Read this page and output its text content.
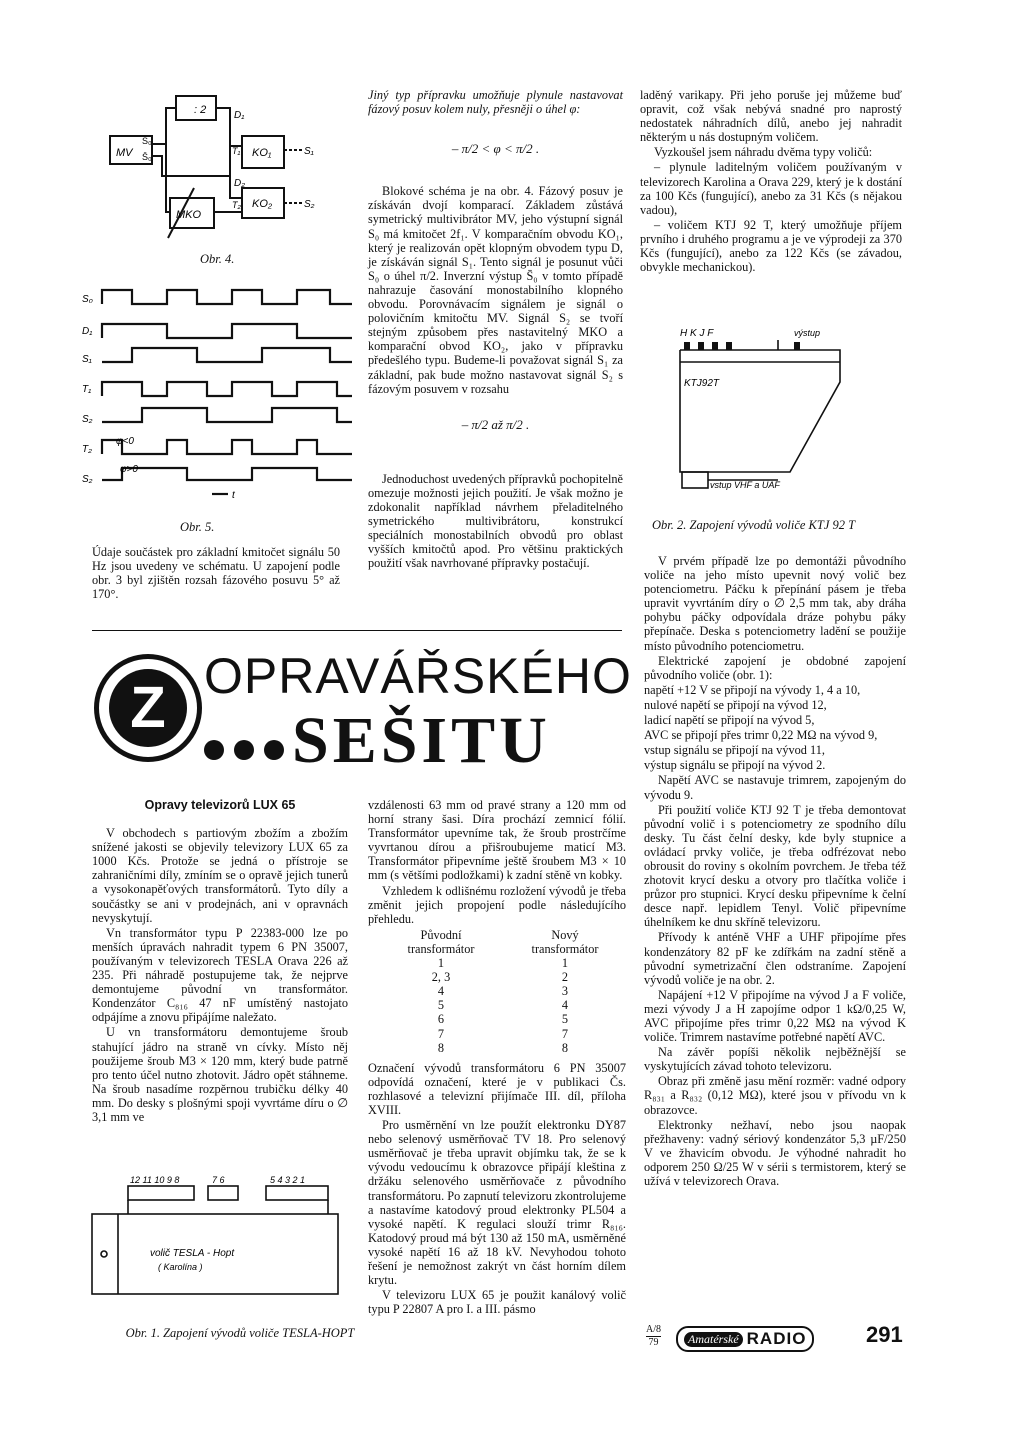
: 2
MV
S₀
S̄₀
D₁
T₁ KO₁	S₁
D₂
T₂ KO₂	S₂
MKO
Obr. 4.
S₀
D₁
S₁
T₁
S₂
T₂
S₂
φ<0
φ>0
t
Obr. 5.

Údaje součástek pro základní kmitočet signálu 50 Hz jsou uvedeny ve schématu. U zapojení podle obr. 3 byl zjištěn rozsah fázového posuvu 5° až 170°.

Jiný typ přípravku umožňuje plynule nastavovat fázový posuv kolem nuly, přesněji o úhel φ:

– π/2 < φ < π/2 .

Blokové schéma je na obr. 4. Fázový posuv je získáván dvojí komparací. Základem zůstává symetrický multivibrátor MV, jeho výstupní signál S₀ má kmitočet 2f₁. V komparačním obvodu KO₁, který je realizován opět klopným obvodem typu D, je získáván signál S₁. Tento signál je posunut vůči S₀ o úhel π/2. Inverzní výstup S̄₀ v tomto případě nahrazuje časování monostabilního klopného obvodu. Porovnávacím signálem je signál o polovičním kmitočtu MV. Signál S₂ se tvoří stejným způsobem přes nastavitelný MKO a komparační obvod KO₂, jako v přípravku předešlého typu. Budeme-li považovat signál S₁ za základní, pak bude možno nastavovat signál S₂ s fázovým posuvem v rozsahu

– π/2 až π/2 .

Jednoduchost uvedených přípravků pochopitelně omezuje možnosti jejich použití. Je však možno je zdokonalit například návrhem přeladitelného symetrického multivibrátoru, konstrukcí speciálních monostabilních obvodů pro oblast vyšších kmitočtů apod. Pro většinu praktických použití však navrhované přípravky postačují.

laděný varikapy. Při jeho poruše jej můžeme buď opravit, což však nebývá snadné pro naprostý nedostatek náhradních dílů, anebo jej nahradit některým u nás dostupným voličem.

Vyzkoušel jsem náhradu dvěma typy voličů:

– plynule laditelným voličem používaným v televizorech Karolina a Orava 229, který je k dostání za 100 Kčs (fungující), anebo za 31 Kčs (s nějakou vadou),

– voličem KTJ 92 T, který umožňuje příjem prvního i druhého programu a je ve výprodeji za 370 Kčs (fungující), anebo za 122 Kčs (se závadou, obvykle mechanickou).

H K J F	výstup
KTJ92T
vstup VHF a UAF
Obr. 2. Zapojení vývodů voliče KTJ 92 T
Z OPRAVÁŘSKÉHO

SEŠITU
Opravy televizorů LUX 65

V obchodech s partiovým zbožím a zbožím snížené jakosti se objevily televizory LUX 65 za 1000 Kčs. Protože se jedná o přístroje se zahraničními díly, zmíním se o opravě jejich tunerů a vysokonapěťových transformátorů. Tyto díly a součástky se ani v prodejnách, ani v opravnách nevyskytují.

Vn transformátor typu P 22383-000 lze po menších úpravách nahradit typem 6 PN 35007, používaným v televizorech TESLA Orava 226 až 235. Při náhradě postupujeme tak, že nejprve demontujeme původní vn transformátor. Kondenzátor C₈₁₆ 47 nF umístěný nastojato odpájíme a znovu připájíme naležato.

U vn transformátoru demontujeme šroub stahující jádro na straně vn cívky. Místo něj použijeme šroub M3 × 120 mm, který bude patrně pro tento účel nutno zhotovit. Jádro opět stáhneme. Na šroub nasadíme rozpěrnou trubičku délky 40 mm. Do desky s plošnými spoji vyvrtáme díru o ∅ 3,1 mm ve

12 11 10 9 8	7 6	5 4 3 2 1
volič TESLA - Hopt
( Karolína )
Obr. 1. Zapojení vývodů voliče TESLA-HOPT

vzdálenosti 63 mm od pravé strany a 120 mm od horní strany šasi. Díra prochází zemnicí fólií. Transformátor upevníme tak, že šroub prostrčíme vyvrtanou dírou a přišroubujeme maticí M3. Transformátor připevníme ještě šroubem M3 × 10 mm (s většími podložkami) k zadní stěně vn kobky.

Vzhledem k odlišnému rozložení vývodů je třeba změnit jejich propojení podle následujícího přehledu.

Původní transformátor	Nový transformátor
1	1
2, 3	2
4	3
5	4
6	5
7	7
8	8

Označení vývodů transformátoru 6 PN 35007 odpovídá označení, které je v publikaci Čs. rozhlasové a televizní přijímače III. díl, příloha XVIII.

Pro usměrnění vn lze použít elektronku DY87 nebo selenový usměrňovač TV 18. Pro selenový usměrňovač je třeba upravit objímku tak, že se k vývodu vedoucímu k obrazovce připájí kleština z držáku selenového usměrňovače z původního transformátoru. Po zapnutí televizoru zkontrolujeme a nastavíme katodový proud elektronky PL504 a vysoké napětí. K regulaci slouží trimr R₈₁₆. Katodový proud má být 130 až 150 mA, usměrněné vysoké napětí 16 až 18 kV. Nevyhodou tohoto řešení je nemožnost zakrýt vn část horním dílem krytu.

V televizoru LUX 65 je použit kanálový volič typu P 22807 A pro I. a III. pásmo

V prvém případě lze po demontáži původního voliče na jeho místo upevnit nový volič bez potenciometru. Páčku k přepínání pásem je třeba upravit vyvrtáním díry o ∅ 2,5 mm tak, aby dráha pohybu páčky odpovídala dráze pohybu páky přepínače. Deska s potenciometry ladění se použije místo původního potenciometru.

Elektrické zapojení je obdobné zapojení původního voliče (obr. 1):

napětí +12 V se připojí na vývody 1, 4 a 10,

nulové napětí se připojí na vývod 12,

ladicí napětí se připojí na vývod 5,

AVC se připojí přes trimr 0,22 MΩ na vývod 9,

vstup signálu se připojí na vývod 11,

výstup signálu se připojí na vývod 2.

Napětí AVC se nastavuje trimrem, zapojeným do vývodu 9.

Při použití voliče KTJ 92 T je třeba demontovat původní volič i s potenciometry ze spodního dílu desky. Tu část čelní desky, kde byly stupnice a ovládací prvky voliče, je třeba odfrézovat nebo obrousit do roviny s okolním povrchem. Je třeba též zhotovit krycí desku a otvory pro tlačítka voliče i průzor pro stupnici. Krycí desku připevníme k čelní desce např. lepidlem Tenyl. Volič připevníme úhelníkem ke dnu skříně televizoru.

Přívody k anténě VHF a UHF připojíme přes kondenzátory 82 pF ke zdířkám na zadní stěně a původní symetrizační člen odstraníme. Zapojení vývodů voliče je na obr. 2.

Napájení +12 V připojíme na vývod J a F voliče, mezi vývody J a H zapojíme odpor 1 kΩ/0,25 W, AVC připojíme přes trimr 0,22 MΩ na vývod K voliče. Trimrem nastavíme potřebné napětí AVC.

Na závěr popíši několik nejběžnější se vyskytujících závad tohoto televizoru.

Obraz při změně jasu mění rozměr: vadné odpory R₈₃₁ a R₈₃₂ (0,12 MΩ), které jsou v přívodu vn k obrazovce.

Elektronky nežhaví, nebo jsou naopak přežhaveny: vadný sériový kondenzátor 5,3 µF/250 V ve žhavicím obvodu. Je výhodné nahradit ho odporem 250 Ω/25 W v sérii s termistorem, který se užívá v televizorech Orava.

A/8
79	Amatérské RADIO	291
